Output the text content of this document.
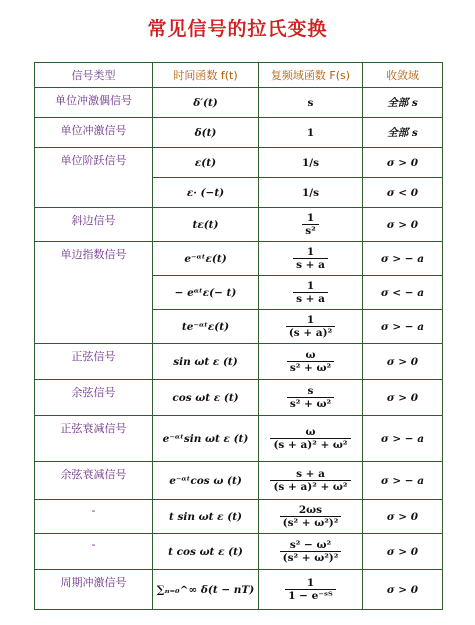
常见信号的拉氏变换
信号类型	时间函数 f(t)	复频域函数 F(s)	收敛域
单位冲激偶信号	δ′(t)	s	全部 s
单位冲激信号	δ(t)	1	全部 s
单位阶跃信号	ε(t)	1/s	σ > 0
	ε· (−t)	1/s	σ < 0
斜边信号	tε(t)	$\frac{1}{\text{s²}}$	σ > 0
单边指数信号	e⁻ᵅᵗε(t)	$\frac{1}{s + a}$	σ > − a
	− eᵅᵗε(− t)	$\frac{1}{s + a}$	σ < − a
	te⁻ᵅᵗε(t)	$\frac{1}{\text{(s + a)²}}$	σ > − a
正弦信号	sin ωt ε (t)	$\frac{\omega}{\text{s² + ω²}}$	σ > 0
余弦信号	cos ωt ε (t)	$\frac{s}{\text{s² + ω²}}$	σ > 0
正弦衰减信号	e⁻ᵅᵗsin ωt ε (t)	$\frac{\omega}{\text{(s + a)² + ω²}}$	σ > − a
余弦衰减信号	e⁻ᵅᵗcos ω (t)	$\frac{s + a}{\text{(s + a)² + ω²}}$	σ > − a
-	t sin ωt ε (t)	$\frac{2\omega s}{\text{(s² + ω²)²}}$	σ > 0
-	t cos ωt ε (t)	$\frac{\text{s² − ω²}}{\text{(s² + ω²)²}}$	σ > 0
周期冲激信号	∑ₙ₌₀^∞ δ(t − nT)	$\frac{1}{\text{1 − e⁻ˢᵀ}}$	σ > 0
